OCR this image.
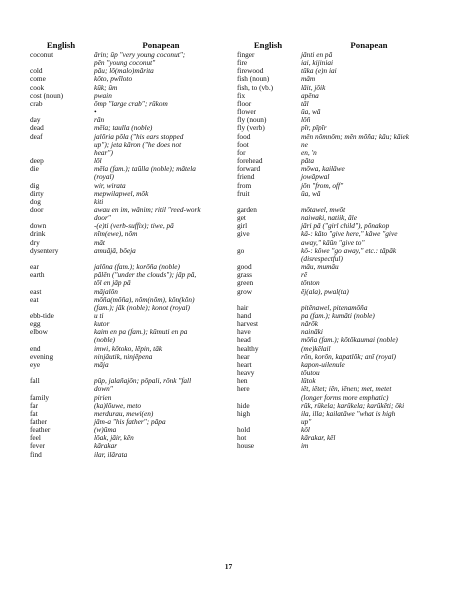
English	Ponapean
coconut	ārin; ūp "very young coconut";
pēn "young coconut"
cold	pāu; lō(malo)mārita
come	kōto, pwīloto
cook	kūk; ūm
cost (noun)	pwain
crab	ōmp "large crab"; rūkom
•
day	rān
dead	mēla; taulla (noble)
deaf	jalōria pōla ("his ears stopped
up"); jeta kāron ("he does not
hear")
deep	lōl
die	mēla (fam.); taūlla (noble); mātela
(royal)
dig	wir, wirata
dirty	mepwilapwel, mōk
dog	kiti
door	awau en im, wānim; ritil "reed-work
door"
down	-(e)ti (verb-suffix); tiwe, pā
drink	nīm(ewe), nōm
dry	māt
dysentery	amuājā, bōeja
ear	jalōna (fam.); korōña (noble)
earth	pālēn ("under the clouds"); jāp pā,
tōl en jāp pā
east	mājalōn
eat	mōña(mōña), nōm(nōm), kōn(kōn)
(fam.); jāk (noble); konot (royal)
ebb-tide	u ti
egg	kutor
elbow	kaim en pa (fam.); kūmuti en pa
(noble)
end	imwi, kōtoko, lēpin, tāk
evening	ninjāutik, ninjēpena
eye	māja
fall	pūp, jalañajōn; pōpali, rōnk "fall
down"
family	pirien
far	(ka)lōuwe, meto
fat	merdurau, mewi(en)
father	jām-a "his father"; pāpa
feather	(w)ūma
feel	lōak, jāir, kēn
fever	kārakar
find	ilar, ilārata
English	Ponapean
finger	jānti en pā
fire	iai, kijiniai
firewood	tūka (e)n iai
fish (noun)	mām
fish, to (vb.)	lāit, jōik
fix	apēna
floor	tāl
flower	ūa, wā
fly (noun)	lōñ
fly (verb)	pīr, pīpīr
food	mēn nōmnōm; mēn mōña; kāu; kāiek
foot	ne
for	en, 'n
forehead	pāta
forward	mōwa, kailāwe
friend	jowāpwal
from	jōn "from, off"
fruit	ūa, wā
garden	mōtawel, mwōt
get	naiwaki, natiik, āle
girl	jāri pā ("girl child"), pōnakop
give	kā-: kāto "give here," kāwe "give
away," kāūn "give to"
go	kō-: kōwe "go away," etc.: tāpāk
(disrespectful)
good	māu, mumāu
grass	rē
green	tōnton
grow	ēj(ala), pwal(ta)
hair	pitēnawel, pitenamōña
hand	pa (fam.); kumāti (noble)
harvest	nārōk
have	naināki
head	mōña (fam.); kōtōkaumai (noble)
healthy	(me)kēlail
hear	rōn, korōn, kapatlōk; anī (royal)
heart	kapon-uilenule
heavy	tōutou
hen	lūtok
here	iēt, iētet; iēn, iēnen; met, metet
(longer forms more emphatic)
hide	rūk, rūkela; karūkela; karūkēti; ōki
high	ila, illa; kailatāwe "what is high
up"
hold	kōl
hot	kārakar, kēl
house	im
17
